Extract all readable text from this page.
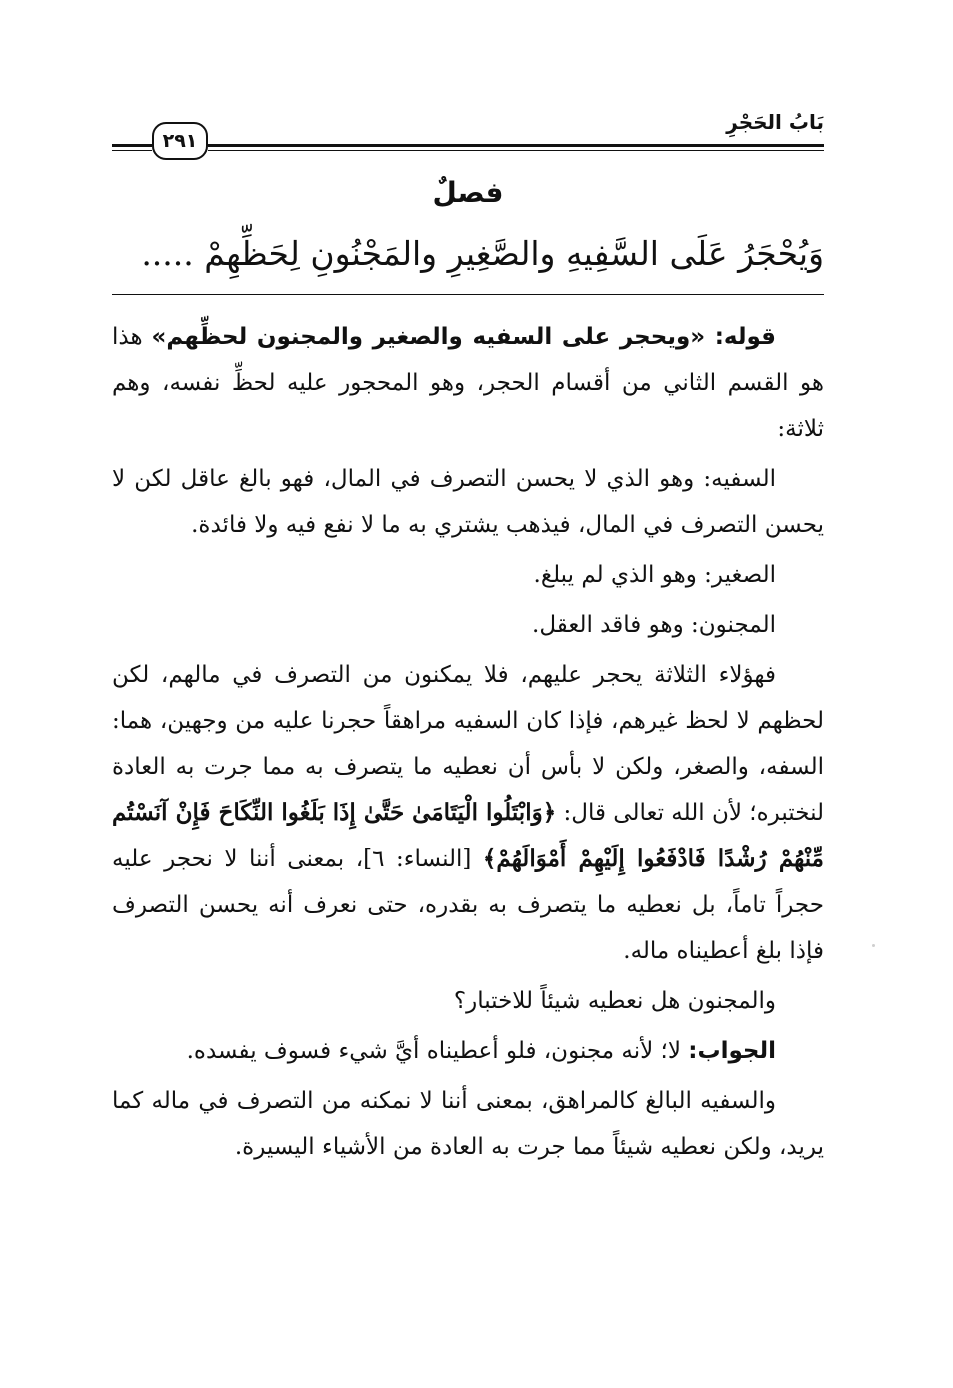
بَابُ الحَجْرِ
٢٩١
فصلٌ
وَيُحْجَرُ عَلَى السَّفِيهِ والصَّغِيرِ والمَجْنُونِ لِحَظِّهِمْ .....

قوله: «ويحجر على السفيه والصغير والمجنون لحظِّهم» هذا هو القسم الثاني من أقسام الحجر، وهو المحجور عليه لحظِّ نفسه، وهم ثلاثة:

السفيه: وهو الذي لا يحسن التصرف في المال، فهو بالغ عاقل لكن لا يحسن التصرف في المال، فيذهب يشتري به ما لا نفع فيه ولا فائدة.

الصغير: وهو الذي لم يبلغ.

المجنون: وهو فاقد العقل.

فهؤلاء الثلاثة يحجر عليهم، فلا يمكنون من التصرف في مالهم، لكن لحظهم لا لحظ غيرهم، فإذا كان السفيه مراهقاً حجرنا عليه من وجهين، هما: السفه، والصغر، ولكن لا بأس أن نعطيه ما يتصرف به مما جرت به العادة لنختبره؛ لأن الله تعالى قال: ﴿وَابْتَلُوا الْيَتَامَىٰ حَتَّىٰ إِذَا بَلَغُوا النِّكَاحَ فَإِنْ آنَسْتُم مِّنْهُمْ رُشْدًا فَادْفَعُوا إِلَيْهِمْ أَمْوَالَهُمْ﴾ [النساء: ٦]، بمعنى أننا لا نحجر عليه حجراً تاماً، بل نعطيه ما يتصرف به بقدره، حتى نعرف أنه يحسن التصرف فإذا بلغ أعطيناه ماله.

والمجنون هل نعطيه شيئاً للاختبار؟

الجواب: لا؛ لأنه مجنون، فلو أعطيناه أيَّ شيء فسوف يفسده.

والسفيه البالغ كالمراهق، بمعنى أننا لا نمكنه من التصرف في ماله كما يريد، ولكن نعطيه شيئاً مما جرت به العادة من الأشياء اليسيرة.
